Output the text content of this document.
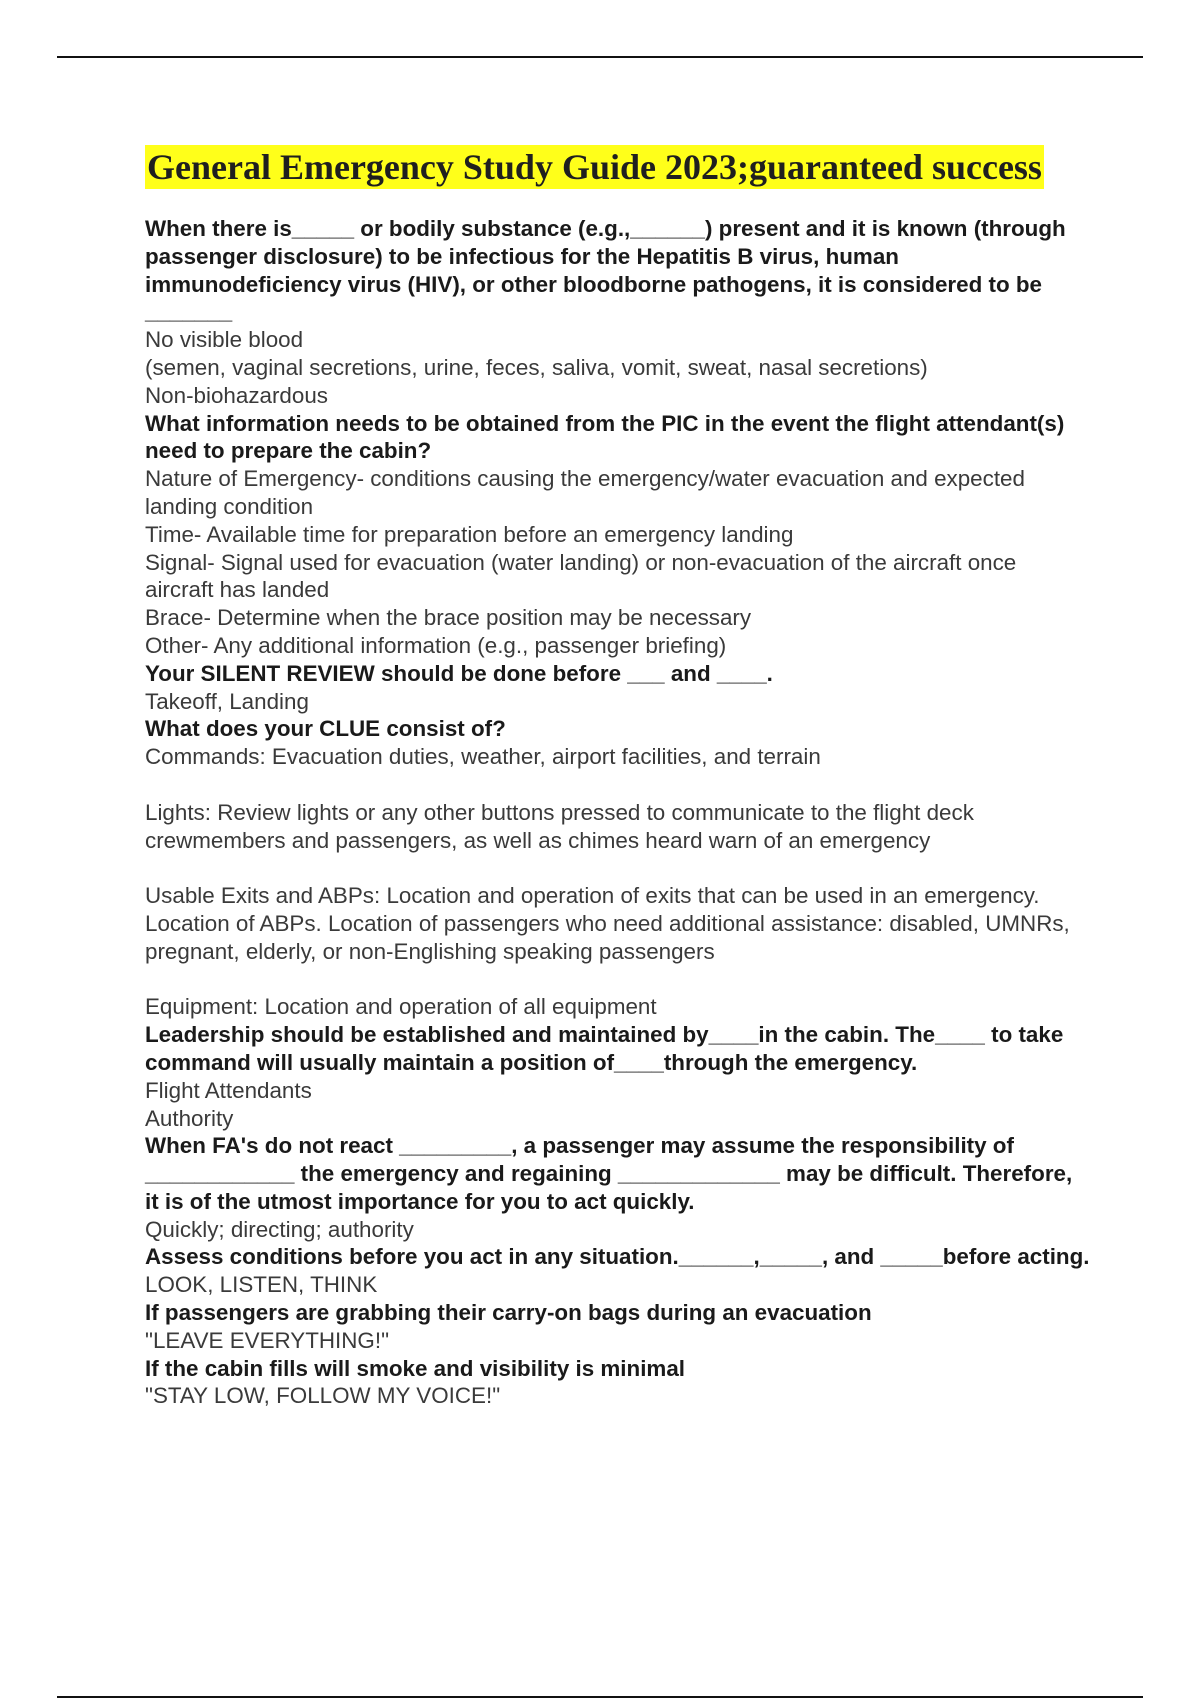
General Emergency Study Guide 2023;guaranteed success

When there is_____ or bodily substance (e.g.,______) present and it is known (through passenger disclosure) to be infectious for the Hepatitis B virus, human immunodeficiency virus (HIV), or other bloodborne pathogens, it is considered to be _______

No visible blood

(semen, vaginal secretions, urine, feces, saliva, vomit, sweat, nasal secretions)

Non-biohazardous

What information needs to be obtained from the PIC in the event the flight attendant(s) need to prepare the cabin?

Nature of Emergency- conditions causing the emergency/water evacuation and expected landing condition

Time- Available time for preparation before an emergency landing

Signal- Signal used for evacuation (water landing) or non-evacuation of the aircraft once aircraft has landed

Brace- Determine when the brace position may be necessary

Other- Any additional information (e.g., passenger briefing)

Your SILENT REVIEW should be done before ___ and ____.

Takeoff, Landing

What does your CLUE consist of?

Commands: Evacuation duties, weather, airport facilities, and terrain

Lights: Review lights or any other buttons pressed to communicate to the flight deck crewmembers and passengers, as well as chimes heard warn of an emergency

Usable Exits and ABPs: Location and operation of exits that can be used in an emergency. Location of ABPs. Location of passengers who need additional assistance: disabled, UMNRs, pregnant, elderly, or non-Englishing speaking passengers

Equipment: Location and operation of all equipment

Leadership should be established and maintained by____in the cabin. The____ to take command will usually maintain a position of____through the emergency.

Flight Attendants

Authority

When FA's do not react _________, a passenger may assume the responsibility of ____________ the emergency and regaining _____________ may be difficult. Therefore, it is of the utmost importance for you to act quickly.

Quickly; directing; authority

Assess conditions before you act in any situation.______,_____, and _____before acting.

LOOK, LISTEN, THINK

If passengers are grabbing their carry-on bags during an evacuation

"LEAVE EVERYTHING!"

If the cabin fills will smoke and visibility is minimal

"STAY LOW, FOLLOW MY VOICE!"
